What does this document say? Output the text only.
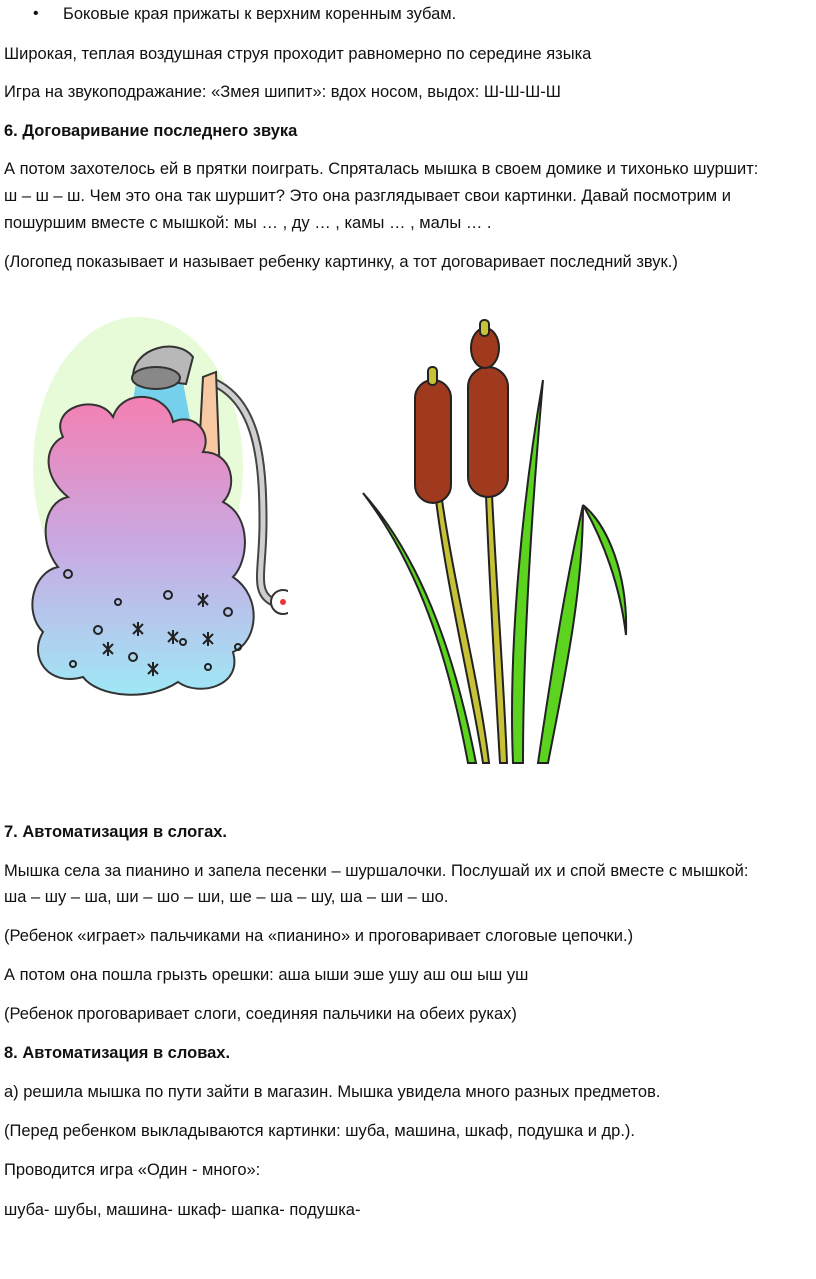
• Боковые края прижаты к верхним коренным зубам.
Широкая, теплая воздушная струя проходит равномерно по середине языка
Игра на звукоподражание: «Змея шипит»: вдох носом, выдох: Ш-Ш-Ш-Ш
6. Договаривание последнего звука
А потом захотелось ей в прятки поиграть. Спряталась мышка в своем домике и тихонько шуршит:
ш – ш – ш. Чем это она так шуршит? Это она разглядывает свои картинки. Давай посмотрим и
пошуршим вместе с мышкой: мы … , ду … , камы … , малы … .
(Логопед показывает и называет ребенку картинку, а тот договаривает последний звук.)
7. Автоматизация в слогах.
Мышка села за пианино и запела песенки – шуршалочки. Послушай их и спой вместе с мышкой:
ша – шу – ша, ши – шо – ши, ше – ша – шу, ша – ши – шо.
(Ребенок «играет» пальчиками на «пианино» и проговаривает слоговые цепочки.)
А потом она пошла грызть орешки: аша ыши эше ушу аш ош ыш уш
(Ребенок проговаривает слоги, соединяя пальчики на обеих руках)
8. Автоматизация в словах.
а) решила мышка по пути зайти в магазин. Мышка увидела много разных предметов.
(Перед ребенком выкладываются картинки: шуба, машина, шкаф, подушка и др.).
Проводится игра «Один - много»:
шуба- шубы, машина- шкаф- шапка- подушка-
